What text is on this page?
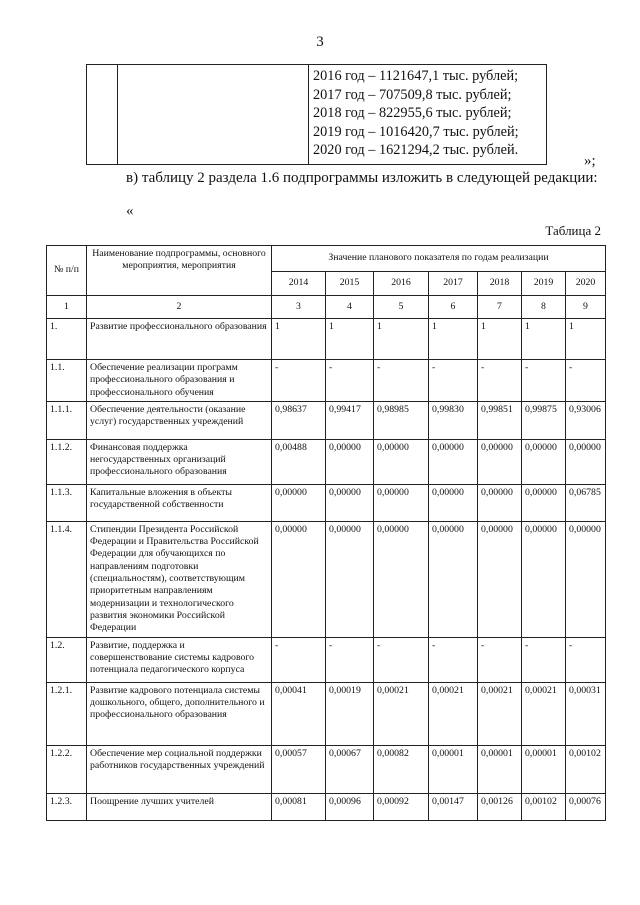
3

2016 год – 1121647,1 тыс. рублей;
2017 год – 707509,8 тыс. рублей;
2018 год – 822955,6 тыс. рублей;
2019 год – 1016420,7 тыс. рублей;
2020 год – 1621294,2 тыс. рублей.
»;
в) таблицу 2 раздела 1.6 подпрограммы изложить в следующей редакции:
«
Таблица 2
№ п/п	Наименование подпрограммы, основного мероприятия, мероприятия	Значение планового показателя по годам реализации						
		2014	2015	2016	2017	2018	2019	2020
1	2	3	4	5	6	7	8	9
1.	Развитие профессионального образования	1	1	1	1	1	1	1
1.1.	Обеспечение реализации программ профессионального образования и профессионального обучения	-	-	-	-	-	-	-
1.1.1.	Обеспечение деятельности (оказание услуг) государственных учреждений	0,98637	0,99417	0,98985	0,99830	0,99851	0,99875	0,93006
1.1.2.	Финансовая поддержка негосударственных организаций профессионального образования	0,00488	0,00000	0,00000	0,00000	0,00000	0,00000	0,00000
1.1.3.	Капитальные вложения в объекты государственной собственности	0,00000	0,00000	0,00000	0,00000	0,00000	0,00000	0,06785
1.1.4.	Стипендии Президента Российской Федерации и Правительства Российской Федерации для обучающихся по направлениям подготовки (специальностям), соответствующим приоритетным направлениям модернизации и технологического развития экономики Российской Федерации	0,00000	0,00000	0,00000	0,00000	0,00000	0,00000	0,00000
1.2.	Развитие, поддержка и совершенствование системы кадрового потенциала педагогического корпуса	-	-	-	-	-	-	-
1.2.1.	Развитие кадрового потенциала системы дошкольного, общего, дополнительного и профессионального образования	0,00041	0,00019	0,00021	0,00021	0,00021	0,00021	0,00031
1.2.2.	Обеспечение мер социальной поддержки работников государственных учреждений	0,00057	0,00067	0,00082	0,00001	0,00001	0,00001	0,00102
1.2.3.	Поощрение лучших учителей	0,00081	0,00096	0,00092	0,00147	0,00126	0,00102	0,00076
